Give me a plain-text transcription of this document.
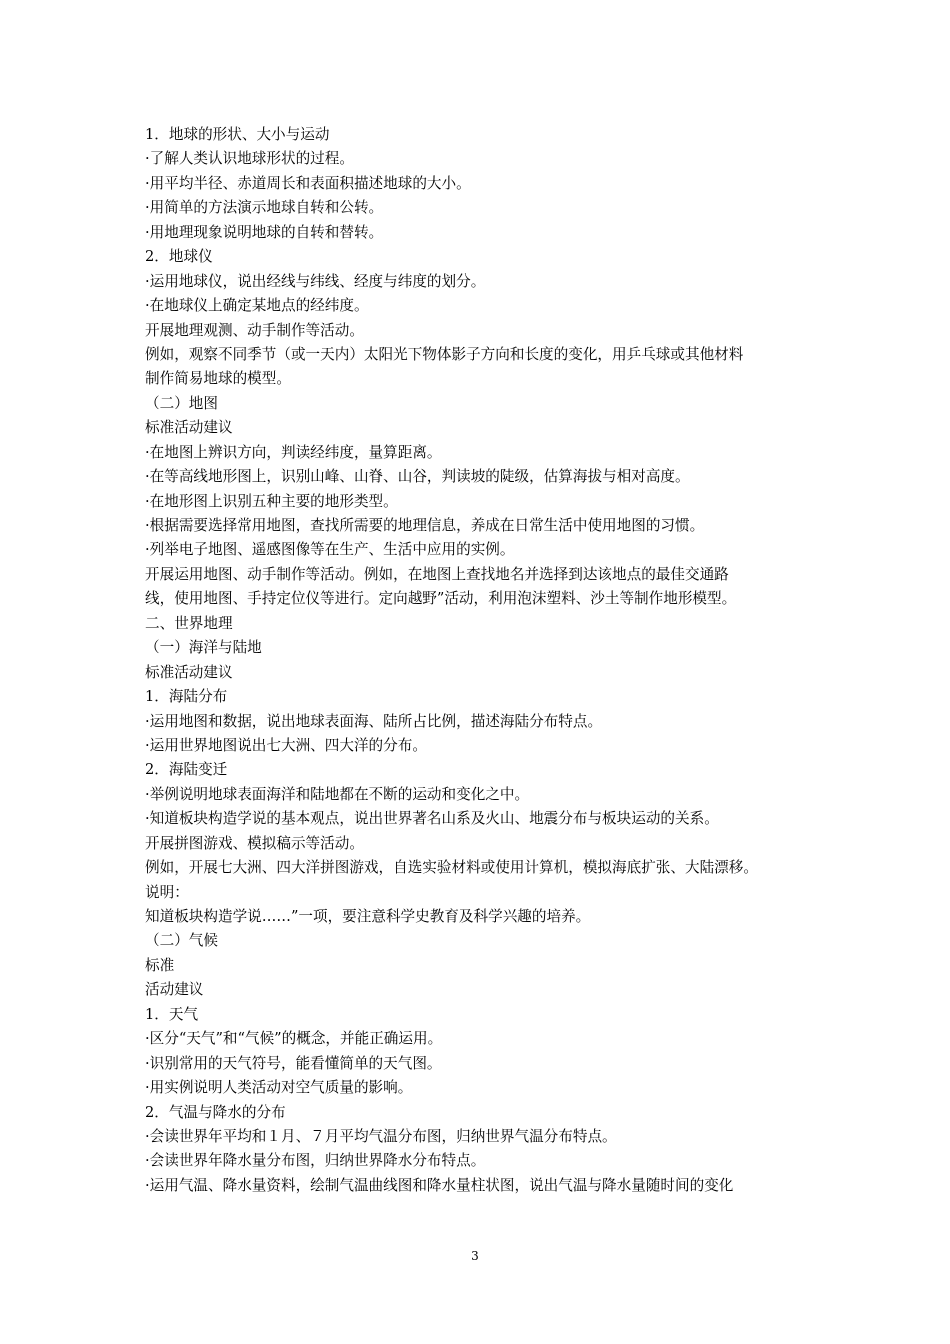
1．地球的形状、大小与运动
·了解人类认识地球形状的过程。
·用平均半径、赤道周长和表面积描述地球的大小。
·用简单的方法演示地球自转和公转。
·用地理现象说明地球的自转和替转。
2．地球仪
·运用地球仪，说出经线与纬线、经度与纬度的划分。
·在地球仪上确定某地点的经纬度。
开展地理观测、动手制作等活动。
例如，观察不同季节（或一天内）太阳光下物体影子方向和长度的变化，用乒乓球或其他材料
制作简易地球的模型。
（二）地图
标准活动建议
·在地图上辨识方向，判读经纬度，量算距离。
·在等高线地形图上，识别山峰、山脊、山谷，判读坡的陡级，估算海拔与相对高度。
·在地形图上识别五种主要的地形类型。
·根据需要选择常用地图，查找所需要的地理信息，养成在日常生活中使用地图的习惯。
·列举电子地图、遥感图像等在生产、生活中应用的实例。
开展运用地图、动手制作等活动。例如，在地图上查找地名并选择到达该地点的最佳交通路
线，使用地图、手持定位仪等进行。定向越野”活动，利用泡沫塑料、沙土等制作地形模型。
二、世界地理
（一）海洋与陆地
标准活动建议
1．海陆分布
·运用地图和数据，说出地球表面海、陆所占比例，描述海陆分布特点。
·运用世界地图说出七大洲、四大洋的分布。
2．海陆变迁
·举例说明地球表面海洋和陆地都在不断的运动和变化之中。
·知道板块构造学说的基本观点，说出世界著名山系及火山、地震分布与板块运动的关系。
开展拼图游戏、模拟稿示等活动。
例如，开展七大洲、四大洋拼图游戏，自选实验材料或使用计算机，模拟海底扩张、大陆漂移。
说明：
知道板块构造学说……”一项，要注意科学史教育及科学兴趣的培养。
（二）气候
标准
活动建议
1．天气
·区分“天气”和“气候”的概念，并能正确运用。
·识别常用的天气符号，能看懂简单的天气图。
·用实例说明人类活动对空气质量的影响。
2．气温与降水的分布
·会读世界年平均和１月、７月平均气温分布图，归纳世界气温分布特点。
·会读世界年降水量分布图，归纳世界降水分布特点。
·运用气温、降水量资料，绘制气温曲线图和降水量柱状图，说出气温与降水量随时间的变化
3
